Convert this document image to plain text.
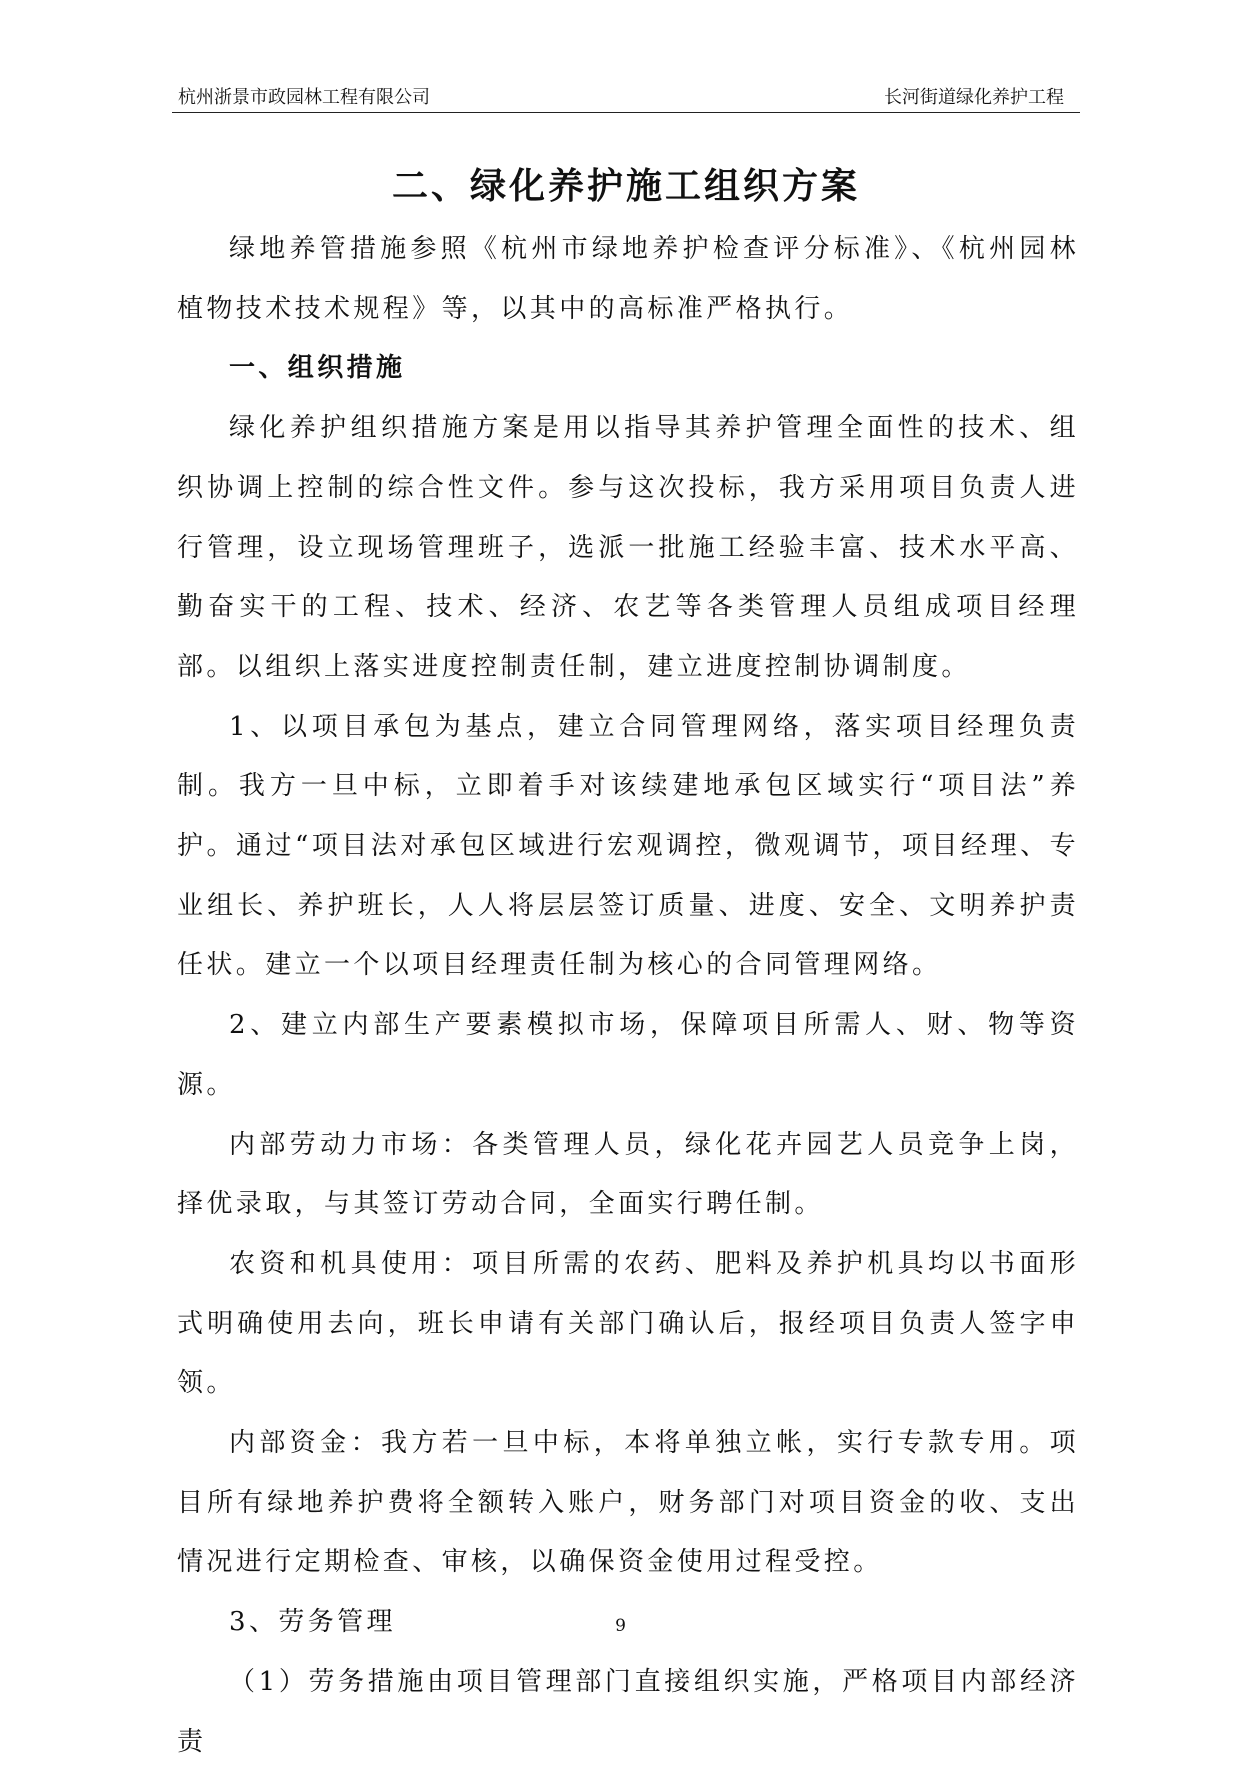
杭州浙景市政园林工程有限公司	长河街道绿化养护工程
二、绿化养护施工组织方案

绿地养管措施参照《杭州市绿地养护检查评分标准》、《杭州园林植物技术技术规程》等，以其中的高标准严格执行。

一、组织措施

绿化养护组织措施方案是用以指导其养护管理全面性的技术、组织协调上控制的综合性文件。参与这次投标，我方采用项目负责人进行管理，设立现场管理班子，选派一批施工经验丰富、技术水平高、勤奋实干的工程、技术、经济、农艺等各类管理人员组成项目经理部。以组织上落实进度控制责任制，建立进度控制协调制度。

1、以项目承包为基点，建立合同管理网络，落实项目经理负责制。我方一旦中标，立即着手对该续建地承包区域实行“项目法”养护。通过“项目法对承包区域进行宏观调控，微观调节，项目经理、专业组长、养护班长，人人将层层签订质量、进度、安全、文明养护责任状。建立一个以项目经理责任制为核心的合同管理网络。

2、建立内部生产要素模拟市场，保障项目所需人、财、物等资源。

内部劳动力市场：各类管理人员，绿化花卉园艺人员竞争上岗，择优录取，与其签订劳动合同，全面实行聘任制。

农资和机具使用：项目所需的农药、肥料及养护机具均以书面形式明确使用去向，班长申请有关部门确认后，报经项目负责人签字申领。

内部资金：我方若一旦中标，本将单独立帐，实行专款专用。项目所有绿地养护费将全额转入账户，财务部门对项目资金的收、支出情况进行定期检查、审核，以确保资金使用过程受控。

3、劳务管理

（1）劳务措施由项目管理部门直接组织实施，严格项目内部经济责

9
